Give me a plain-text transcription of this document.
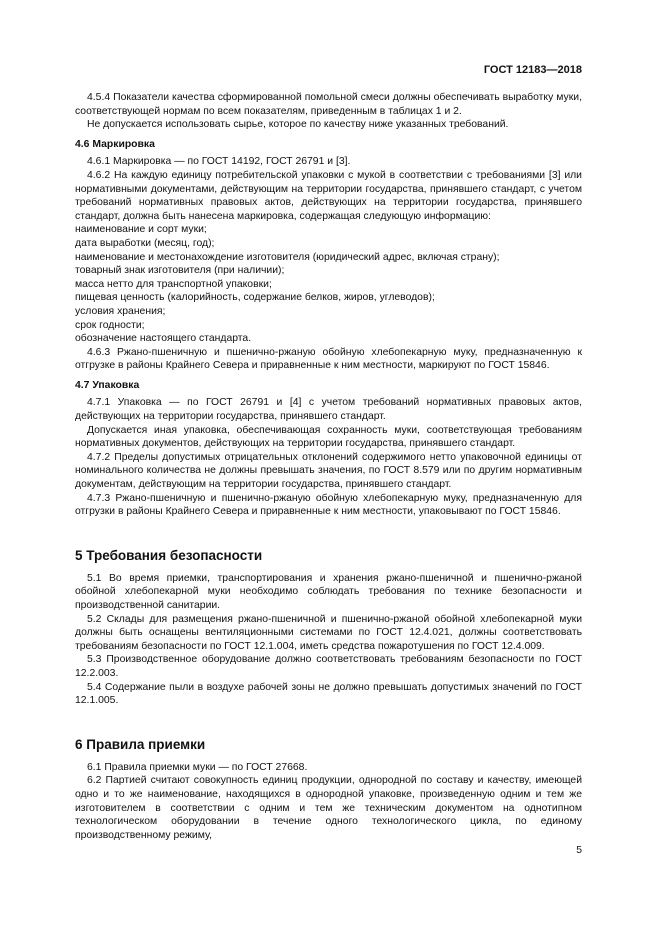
ГОСТ 12183—2018

4.5.4 Показатели качества сформированной помольной смеси должны обеспечивать выработку муки, соответствующей нормам по всем показателям, приведенным в таблицах 1 и 2.

Не допускается использовать сырье, которое по качеству ниже указанных требований.

4.6 Маркировка

4.6.1 Маркировка — по ГОСТ 14192, ГОСТ 26791 и [3].

4.6.2 На каждую единицу потребительской упаковки с мукой в соответствии с требованиями [3] или нормативными документами, действующим на территории государства, принявшего стандарт, с учетом требований нормативных правовых актов, действующих на территории государства, принявшего стандарт, должна быть нанесена маркировка, содержащая следующую информацию:

наименование и сорт муки;

дата выработки (месяц, год);

наименование и местонахождение изготовителя (юридический адрес, включая страну);

товарный знак изготовителя (при наличии);

масса нетто для транспортной упаковки;

пищевая ценность (калорийность, содержание белков, жиров, углеводов);

условия хранения;

срок годности;

обозначение настоящего стандарта.

4.6.3 Ржано-пшеничную и пшенично-ржаную обойную хлебопекарную муку, предназначенную к отгрузке в районы Крайнего Севера и приравненные к ним местности, маркируют по ГОСТ 15846.

4.7 Упаковка

4.7.1 Упаковка — по ГОСТ 26791 и [4] с учетом требований нормативных правовых актов, действующих на территории государства, принявшего стандарт.

Допускается иная упаковка, обеспечивающая сохранность муки, соответствующая требованиям нормативных документов, действующих на территории государства, принявшего стандарт.

4.7.2 Пределы допустимых отрицательных отклонений содержимого нетто упаковочной единицы от номинального количества не должны превышать значения, по ГОСТ 8.579 или по другим нормативным документам, действующим на территории государства, принявшего стандарт.

4.7.3 Ржано-пшеничную и пшенично-ржаную обойную хлебопекарную муку, предназначенную для отгрузки в районы Крайнего Севера и приравненные к ним местности, упаковывают по ГОСТ 15846.

5 Требования безопасности

5.1 Во время приемки, транспортирования и хранения ржано-пшеничной и пшенично-ржаной обойной хлебопекарной муки необходимо соблюдать требования по технике безопасности и производственной санитарии.

5.2 Склады для размещения ржано-пшеничной и пшенично-ржаной обойной хлебопекарной муки должны быть оснащены вентиляционными системами по ГОСТ 12.4.021, должны соответствовать требованиям безопасности по ГОСТ 12.1.004, иметь средства пожаротушения по ГОСТ 12.4.009.

5.3 Производственное оборудование должно соответствовать требованиям безопасности по ГОСТ 12.2.003.

5.4 Содержание пыли в воздухе рабочей зоны не должно превышать допустимых значений по ГОСТ 12.1.005.

6 Правила приемки

6.1 Правила приемки муки — по ГОСТ 27668.

6.2 Партией считают совокупность единиц продукции, однородной по составу и качеству, имеющей одно и то же наименование, находящихся в однородной упаковке, произведенную одним и тем же изготовителем в соответствии с одним и тем же техническим документом на однотипном технологическом оборудовании в течение одного технологического цикла, по единому производственному режиму,

5
